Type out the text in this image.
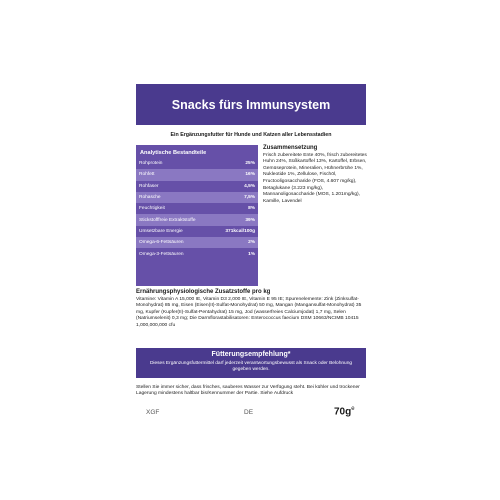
Snacks fürs Immunsystem
Ein Ergänzungsfutter für Hunde und Katzen aller Lebensstadien
Analytische Bestandteile
Rohprotein	25%
Rohfett	16%
Rohfaser	4,5%
Rohasche	7,5%
Feuchtigkeit	8%
Stickstofffreie Extraktstoffe	39%
Umsetzbare Energie	371kcal/100g
Omega-6-Fettsäuren	2%
Omega-3-Fettsäuren	1%
Zusammensetzung
Frisch zubereitete Ente 40%, frisch zubereitetes Huhn 24%, Süßkartoffel 13%, Kartoffel, Erbsen, Gemüseprotein, Mineralien, Hühnerbrühe 1%, Nukleotide 1%, Zellulose, Fischöl, Fructooligosaccharide (FOS, 4.607 mg/kg), Betaglukane (3.223 mg/kg), Mannanoligosaccharide (MOS, 1.201mg/kg), Kamille, Lavendel
Ernährungsphysiologische Zusatzstoffe pro kg
Vitamine: Vitamin A 15,000 IE, Vitamin D3 2,000 IE, Vitamin E 95 IE; Spurenelemente: Zink (Zinksulfat-Monohydrat) 85 mg, Eisen (Eisen(II)-Sulfat-Monohydrat) 50 mg, Mangan (Mangansulfat-Monohydrat) 35 mg, Kupfer (Kupfer(II)-Sulfat-Pentahydrat) 15 mg, Jod (wasserfreies Calciumjodat) 1,7 mg, Selen (Natriumselenit) 0,3 mg; Die Darmflorastabilisatoren: Enterococcus faecium DSM 10663/NCIMB 10415 1,000,000,000 cfu
Fütterungsempfehlung*
Dieses Ergänzungsfuttermittel darf jederzeit verantwortungsbewusst als Snack oder Belohnung gegeben werden.
Stellen Sie immer sicher, dass frisches, sauberes Wasser zur Verfügung steht. Bei kühler und trockener Lagerung mindestens haltbar bis/Kennummer der Partie. Siehe Aufdruck
XGF	DE	$70g^e$
